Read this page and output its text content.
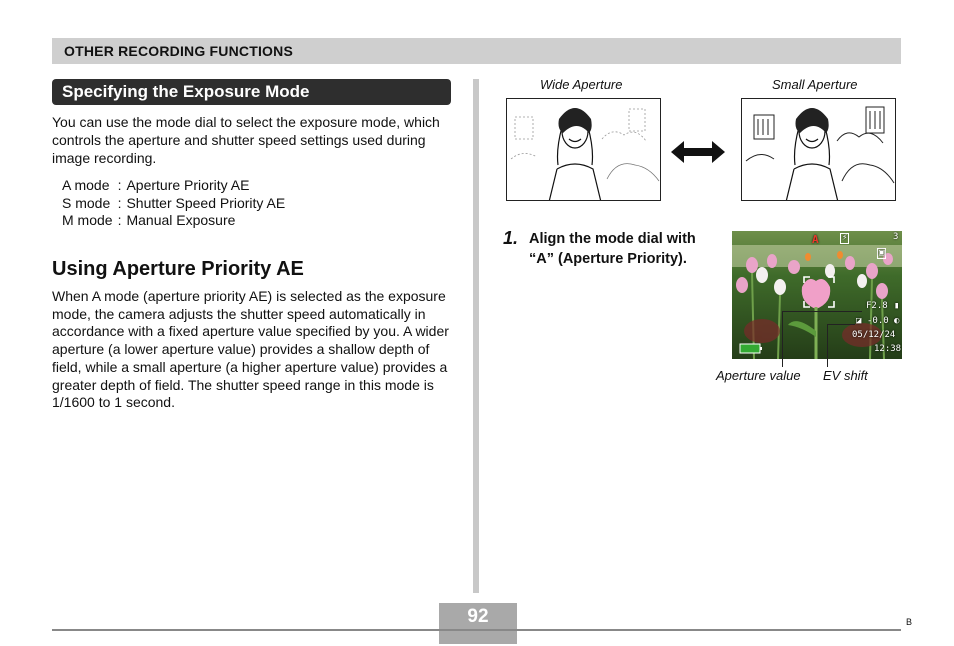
OTHER RECORDING FUNCTIONS
Specifying the Exposure Mode
You can use the mode dial to select the exposure mode, which controls the aperture and shutter speed settings used during image recording.
A mode	:	Aperture Priority AE
S mode	:	Shutter Speed Priority AE
M mode	:	Manual Exposure
Using Aperture Priority AE
When A mode (aperture priority AE) is selected as the exposure mode, the camera adjusts the shutter speed automatically in accordance with a fixed aperture value specified by you. A wider aperture (a lower aperture value) provides a shallow depth of field, while a small aperture (a higher aperture value) provides a greater depth of field. The shutter speed range in this mode is 1/1600 to 1 second.
Wide Aperture	Small Aperture
1. Align the mode dial with “A” (Aperture Priority).
A	⚡	3
▣
F2.8 ▮
◪ -0.0 ◐
05/12/24
12:38
Aperture value EV shift
92	B
